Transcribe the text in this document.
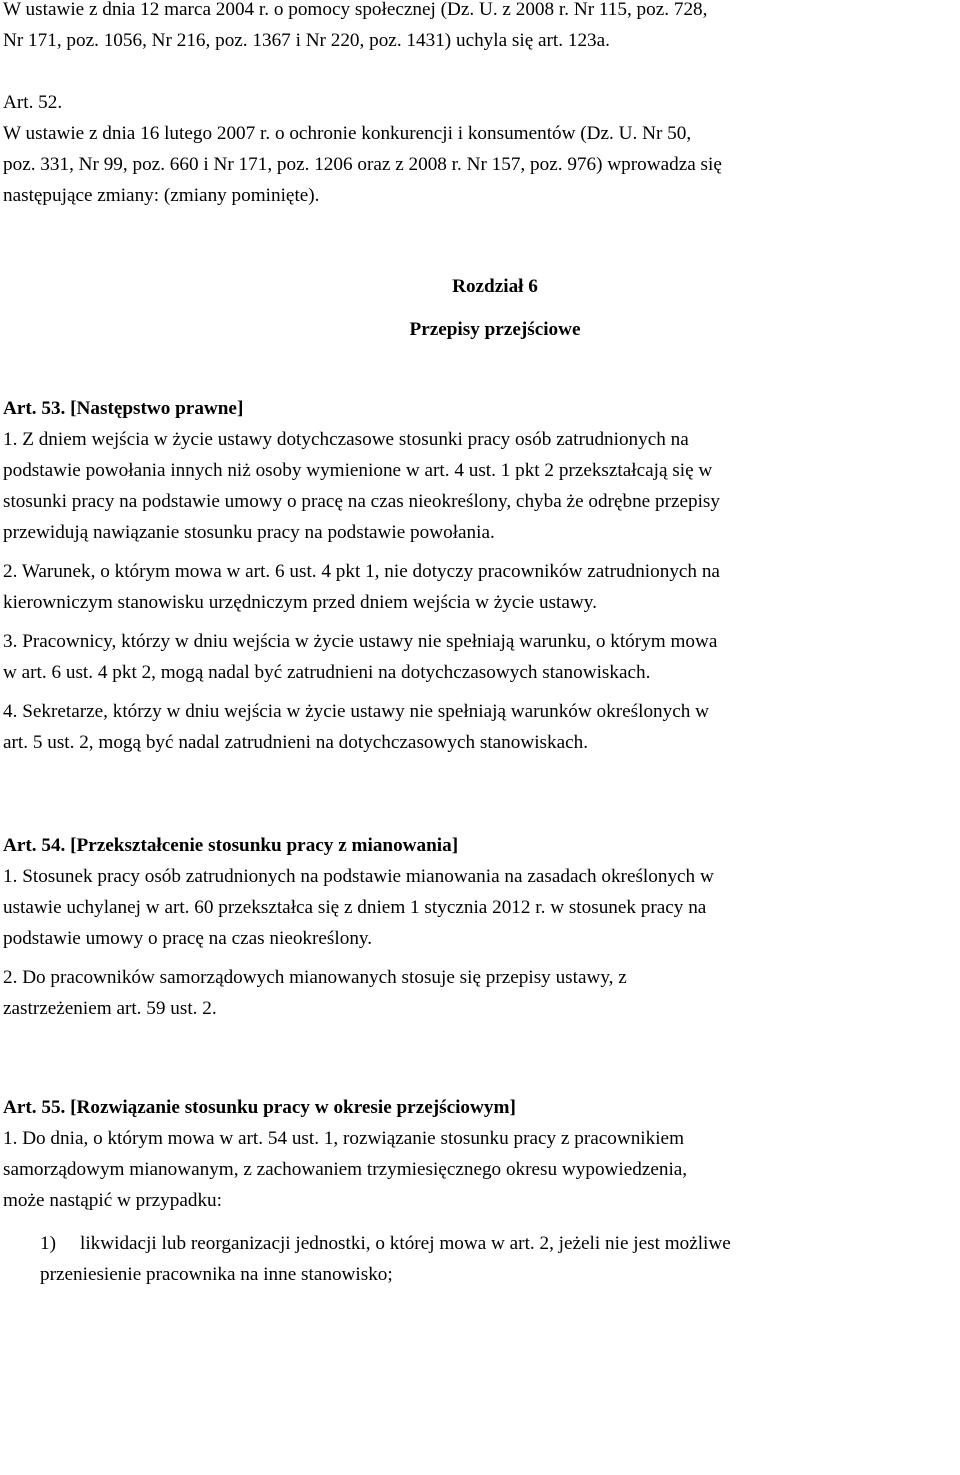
W ustawie z dnia 12 marca 2004 r. o pomocy społecznej (Dz. U. z 2008 r. Nr 115, poz. 728,
Nr 171, poz. 1056, Nr 216, poz. 1367 i Nr 220, poz. 1431) uchyla się art. 123a.

Art. 52.
W ustawie z dnia 16 lutego 2007 r. o ochronie konkurencji i konsumentów (Dz. U. Nr 50,
poz. 331, Nr 99, poz. 660 i Nr 171, poz. 1206 oraz z 2008 r. Nr 157, poz. 976) wprowadza się
następujące zmiany: (zmiany pominięte).

Rozdział 6

Przepisy przejściowe

Art. 53. [Następstwo prawne]

1. Z dniem wejścia w życie ustawy dotychczasowe stosunki pracy osób zatrudnionych na
podstawie powołania innych niż osoby wymienione w art. 4 ust. 1 pkt 2 przekształcają się w
stosunki pracy na podstawie umowy o pracę na czas nieokreślony, chyba że odrębne przepisy
przewidują nawiązanie stosunku pracy na podstawie powołania.

2. Warunek, o którym mowa w art. 6 ust. 4 pkt 1, nie dotyczy pracowników zatrudnionych na
kierowniczym stanowisku urzędniczym przed dniem wejścia w życie ustawy.

3. Pracownicy, którzy w dniu wejścia w życie ustawy nie spełniają warunku, o którym mowa
w art. 6 ust. 4 pkt 2, mogą nadal być zatrudnieni na dotychczasowych stanowiskach.

4. Sekretarze, którzy w dniu wejścia w życie ustawy nie spełniają warunków określonych w
art. 5 ust. 2, mogą być nadal zatrudnieni na dotychczasowych stanowiskach.

Art. 54. [Przekształcenie stosunku pracy z mianowania]

1. Stosunek pracy osób zatrudnionych na podstawie mianowania na zasadach określonych w
ustawie uchylanej w art. 60 przekształca się z dniem 1 stycznia 2012 r. w stosunek pracy na
podstawie umowy o pracę na czas nieokreślony.

2. Do pracowników samorządowych mianowanych stosuje się przepisy ustawy, z
zastrzeżeniem art. 59 ust. 2.

Art. 55. [Rozwiązanie stosunku pracy w okresie przejściowym]

1. Do dnia, o którym mowa w art. 54 ust. 1, rozwiązanie stosunku pracy z pracownikiem
samorządowym mianowanym, z zachowaniem trzymiesięcznego okresu wypowiedzenia,
może nastąpić w przypadku:

1)	likwidacji lub reorganizacji jednostki, o której mowa w art. 2, jeżeli nie jest możliwe
przeniesienie pracownika na inne stanowisko;
